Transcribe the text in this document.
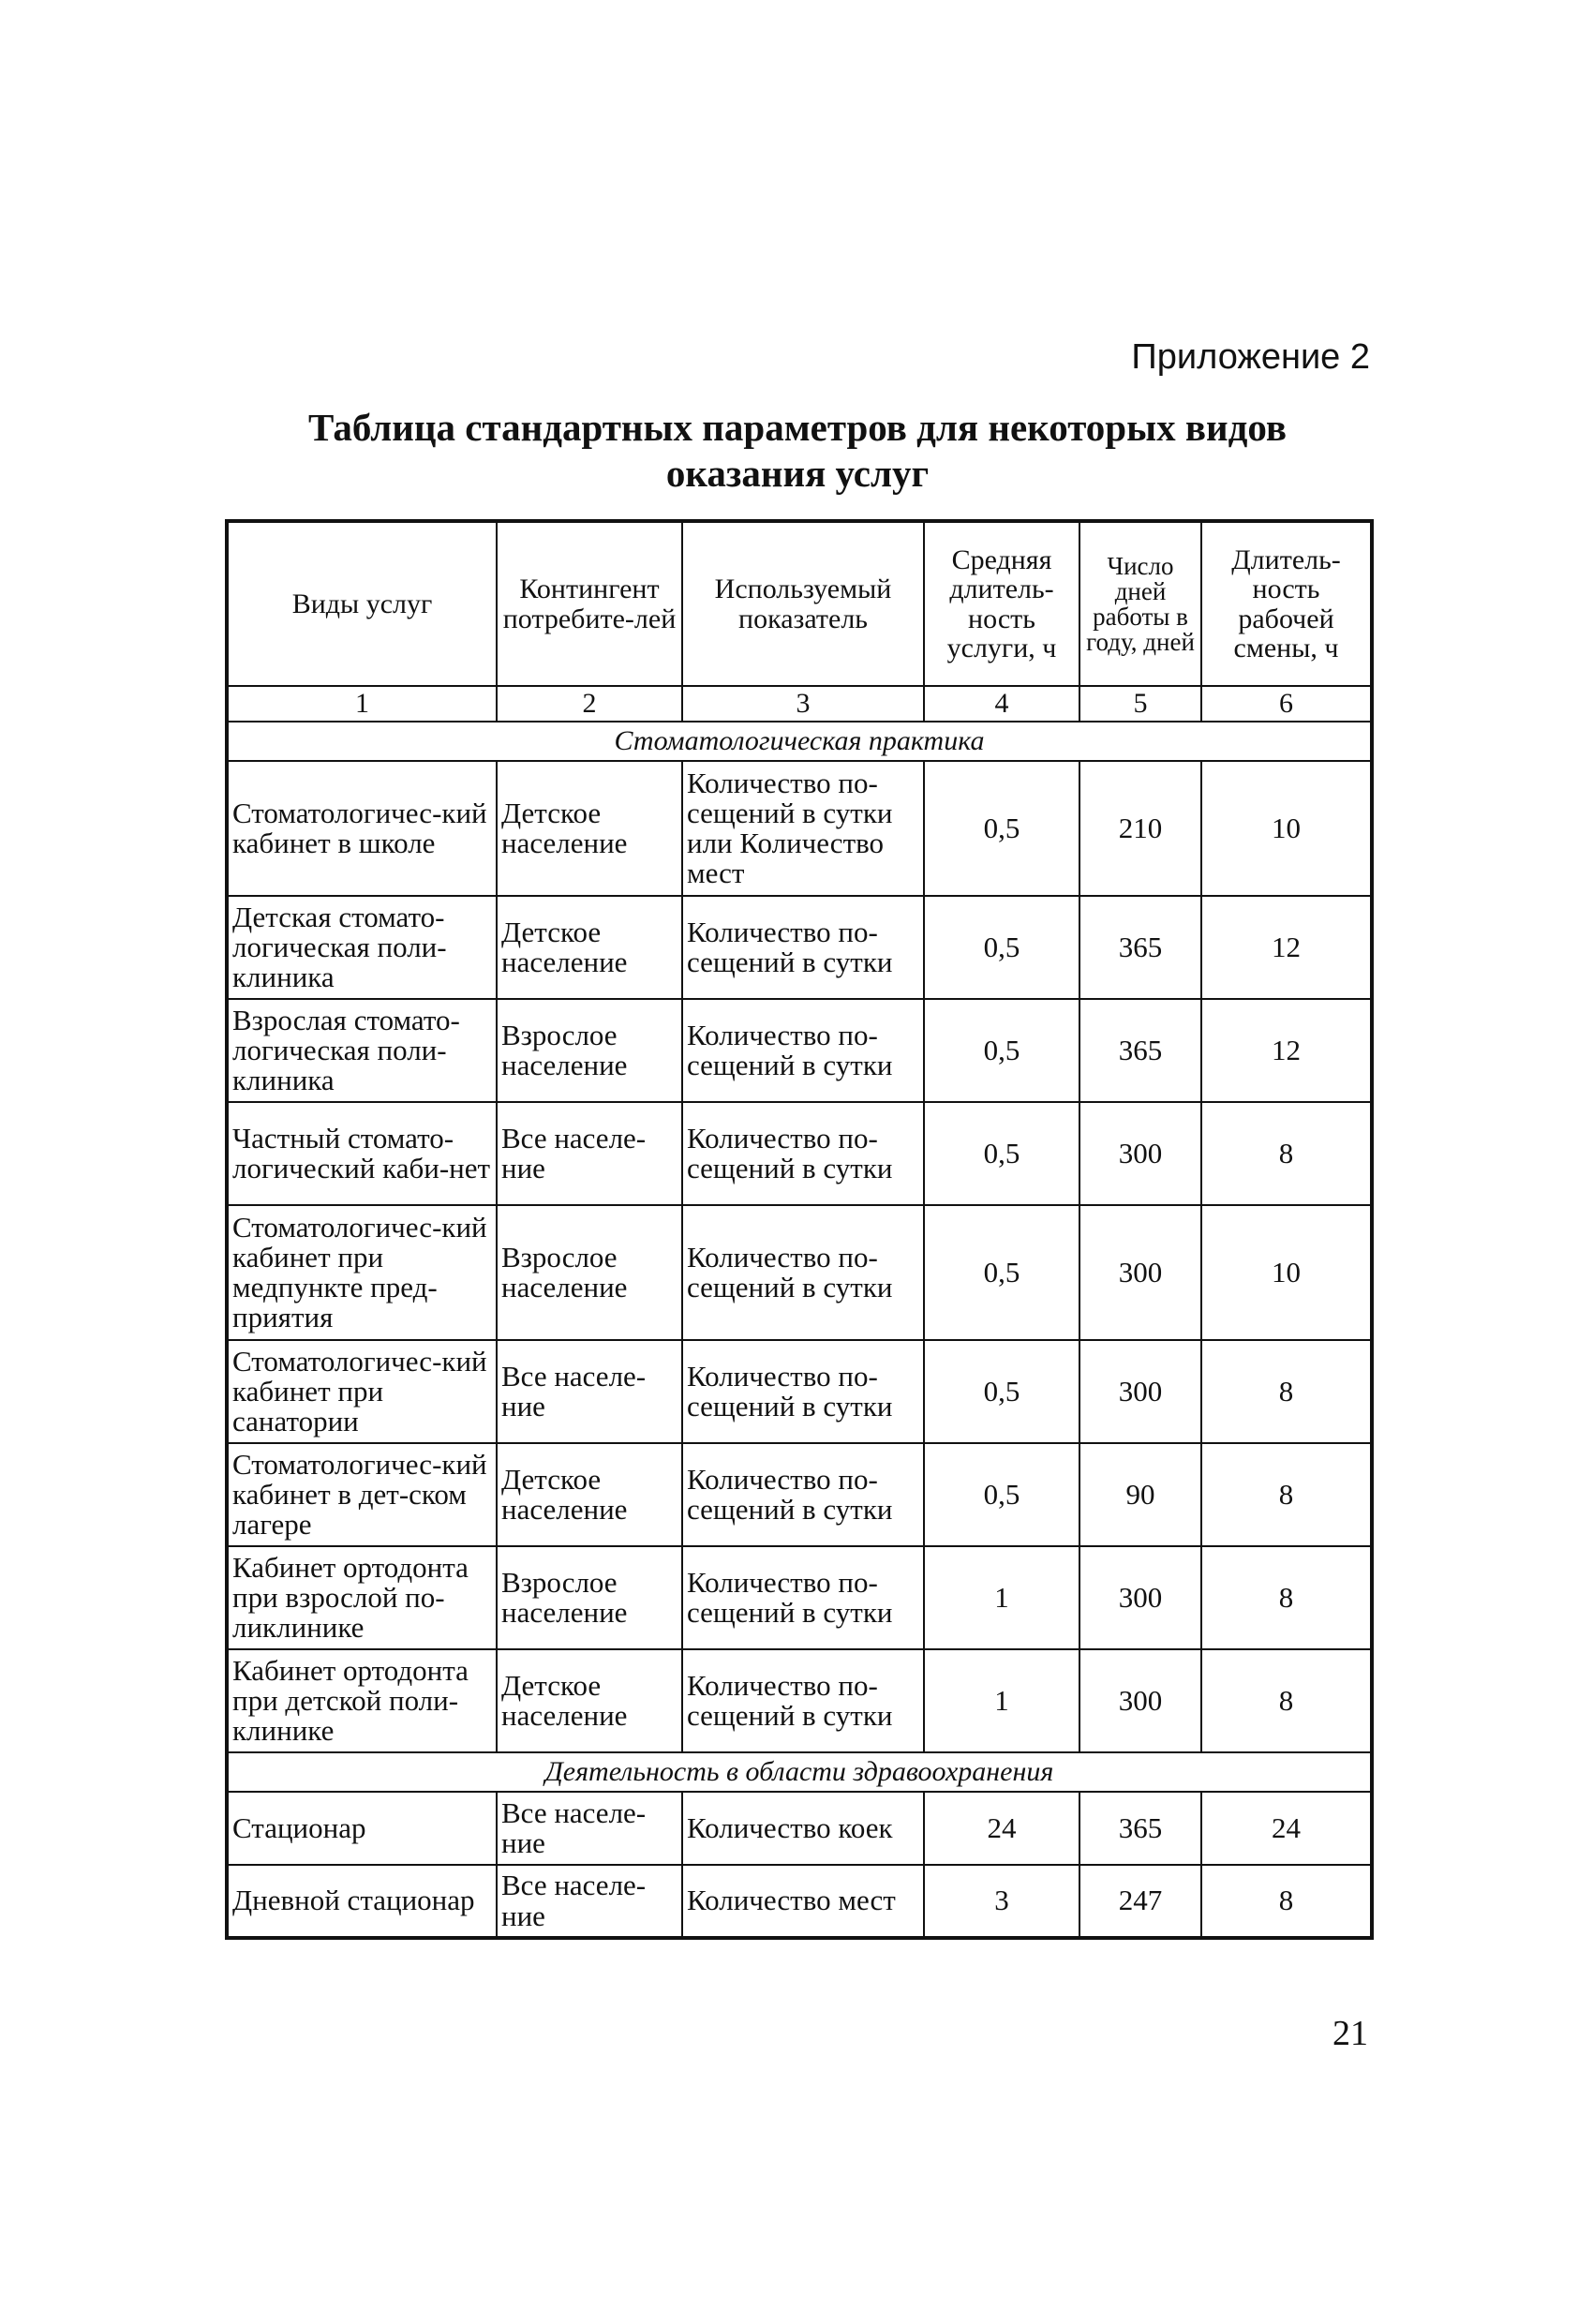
Приложение 2
Таблица стандартных параметров для некоторых видов
оказания услуг
Виды услуг	Контингент потребите-лей	Используемый показатель	Средняя длитель-ность услуги, ч	Число дней работы в году, дней	Длитель-ность рабочей смены, ч
1	2	3	4	5	6
Стоматологическая практика					
Стоматологичес-кий кабинет в школе	Детское население	Количество по-сещений в сутки или Количество мест	0,5	210	10
Детская стомато-логическая поли-клиника	Детское население	Количество по-сещений в сутки	0,5	365	12
Взрослая стомато-логическая поли-клиника	Взрослое население	Количество по-сещений в сутки	0,5	365	12
Частный стомато-логический каби-нет	Все населе-ние	Количество по-сещений в сутки	0,5	300	8
Стоматологичес-кий кабинет при медпункте пред-приятия	Взрослое население	Количество по-сещений в сутки	0,5	300	10
Стоматологичес-кий кабинет при санатории	Все населе-ние	Количество по-сещений в сутки	0,5	300	8
Стоматологичес-кий кабинет в дет-ском лагере	Детское население	Количество по-сещений в сутки	0,5	90	8
Кабинет ортодонта при взрослой по-ликлинике	Взрослое население	Количество по-сещений в сутки	1	300	8
Кабинет ортодонта при детской поли-клинике	Детское население	Количество по-сещений в сутки	1	300	8
Деятельность в области здравоохранения					
Стационар	Все населе-ние	Количество коек	24	365	24
Дневной стационар	Все населе-ние	Количество мест	3	247	8
21
